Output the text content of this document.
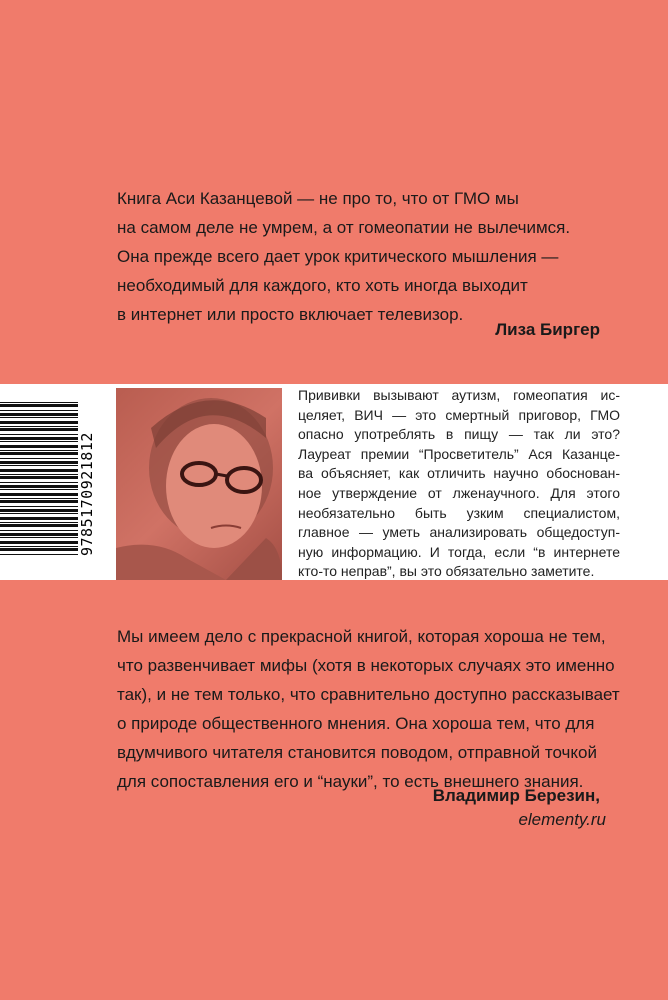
Книга Аси Казанцевой — не про то, что от ГМО мы
на самом деле не умрем, а от гомеопатии не вылечимся.
Она прежде всего дает урок критического мышления —
необходимый для каждого, кто хоть иногда выходит
в интернет или просто включает телевизор.
Лиза Биргер
9785170921812
Прививки вызывают аутизм, гомеопатия ис-
целяет, ВИЧ — это смертный приговор, ГМО
опасно употреблять в пищу — так ли это?
Лауреат премии “Просветитель” Ася Казанце-
ва объясняет, как отличить научно обоснован-
ное утверждение от лженаучного. Для этого
необязательно быть узким специалистом,
главное — уметь анализировать общедоступ-
ную информацию. И тогда, если “в интернете
кто-то неправ”, вы это обязательно заметите.
Мы имеем дело с прекрасной книгой, которая хороша не тем,
что развенчивает мифы (хотя в некоторых случаях это именно
так), и не тем только, что сравнительно доступно рассказывает
о природе общественного мнения. Она хороша тем, что для
вдумчивого читателя становится поводом, отправной точкой
для сопоставления его и “науки”, то есть внешнего знания.
Владимир Березин,
elementy.ru
